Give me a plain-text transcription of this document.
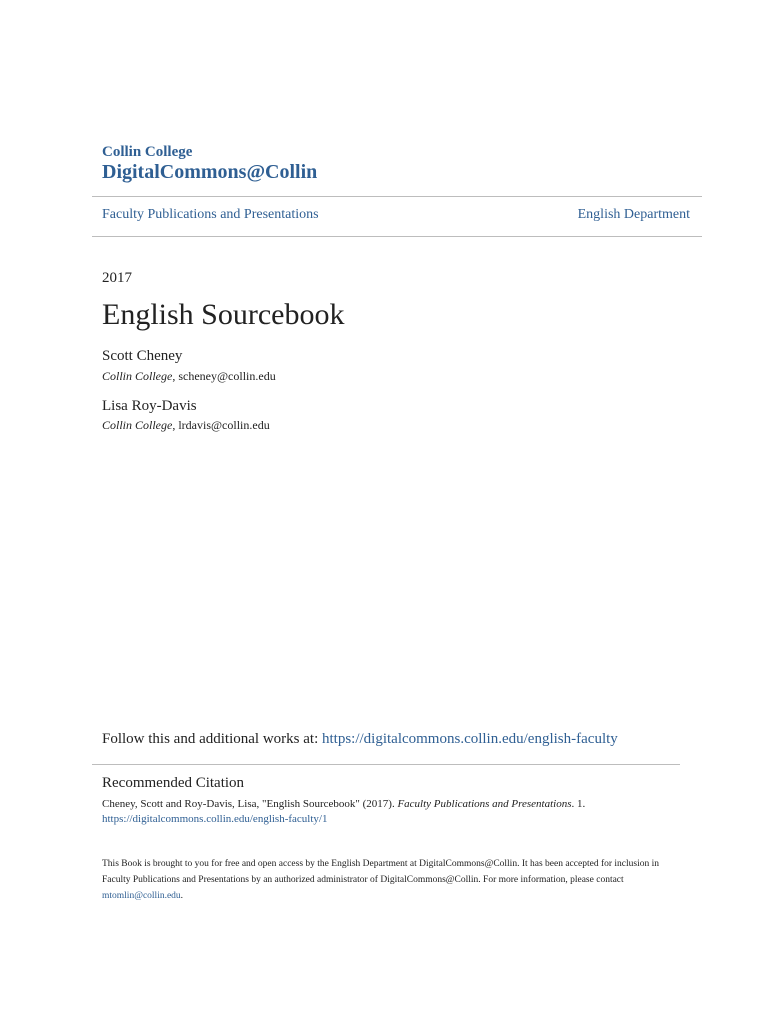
Collin College
DigitalCommons@Collin
Faculty Publications and Presentations	English Department
2017
English Sourcebook
Scott Cheney
Collin College, scheney@collin.edu
Lisa Roy-Davis
Collin College, lrdavis@collin.edu
Follow this and additional works at: https://digitalcommons.collin.edu/english-faculty
Recommended Citation
Cheney, Scott and Roy-Davis, Lisa, "English Sourcebook" (2017). Faculty Publications and Presentations. 1.
https://digitalcommons.collin.edu/english-faculty/1
This Book is brought to you for free and open access by the English Department at DigitalCommons@Collin. It has been accepted for inclusion in Faculty Publications and Presentations by an authorized administrator of DigitalCommons@Collin. For more information, please contact mtomlin@collin.edu.
